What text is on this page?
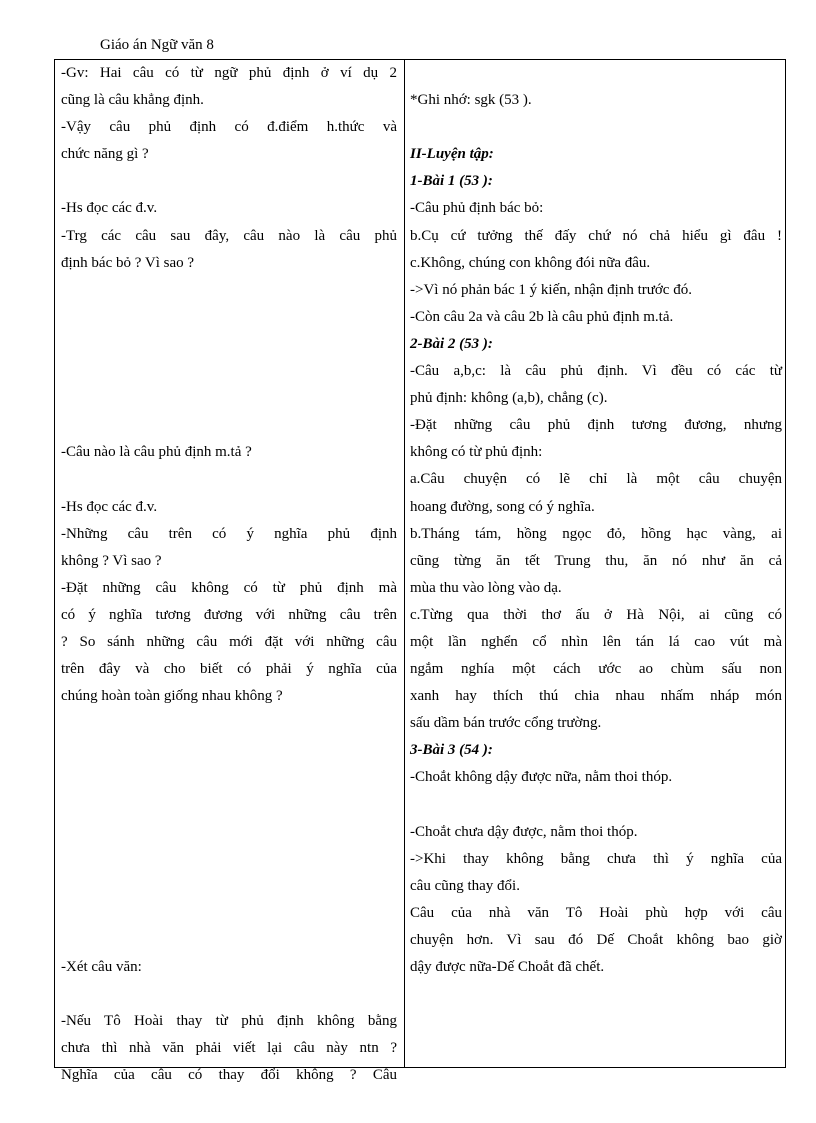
Giáo án Ngữ văn 8
-Gv: Hai câu có từ ngữ phủ định ở ví dụ 2
cũng là câu khẳng định.
-Vậy câu phủ định có đ.điểm h.thức và
chức năng gì ?
-Hs đọc các đ.v.
-Trg các câu sau đây, câu nào là câu phủ
định bác bỏ ? Vì sao ?
-Câu nào là câu phủ định m.tả ?
-Hs đọc các đ.v.
-Những câu trên có ý nghĩa phủ định
không ? Vì sao ?
-Đặt những câu không có từ phủ định mà
có ý nghĩa tương đương với những câu trên
? So sánh những câu mới đặt với những câu
trên đây và cho biết có phải ý nghĩa của
chúng hoàn toàn giống nhau không ?
-Xét câu văn:
-Nếu Tô Hoài thay từ phủ định không bằng
chưa thì nhà văn phải viết lại câu này ntn ?
Nghĩa của câu có thay đổi không ? Câu
*Ghi nhớ: sgk (53 ).
II-Luyện tập:
1-Bài 1 (53 ):
-Câu phủ định bác bỏ:
b.Cụ cứ tưởng thế đấy chứ nó chả hiểu gì đâu !
c.Không, chúng con không đói nữa đâu.
->Vì nó phản bác 1 ý kiến, nhận định trước đó.
-Còn câu 2a và câu 2b là câu phủ định m.tả.
2-Bài 2 (53 ):
-Câu a,b,c: là câu phủ định. Vì đều có các từ
phủ định: không (a,b), chẳng (c).
-Đặt những câu phủ định tương đương, nhưng
không có từ phủ định:
a.Câu chuyện có lẽ chỉ là một câu chuyện
hoang đường, song có ý nghĩa.
b.Tháng tám, hồng ngọc đỏ, hồng hạc vàng, ai
cũng từng ăn tết Trung thu, ăn nó như ăn cả
mùa thu vào lòng vào dạ.
c.Từng qua thời thơ ấu ở Hà Nội, ai cũng có
một lần nghển cổ nhìn lên tán lá cao vút mà
ngắm nghía một cách ước ao chùm sấu non
xanh hay thích thú chia nhau nhấm nháp món
sấu dầm bán trước cổng trường.
3-Bài 3 (54 ):
-Choắt không dậy được nữa, nằm thoi thóp.
-Choắt chưa dậy được, nằm thoi thóp.
->Khi thay không bằng chưa thì ý nghĩa của
câu cũng thay đổi.
Câu của nhà văn Tô Hoài phù hợp với câu
chuyện hơn. Vì sau đó Dế Choắt không bao giờ
dậy được nữa-Dế Choắt đã chết.
